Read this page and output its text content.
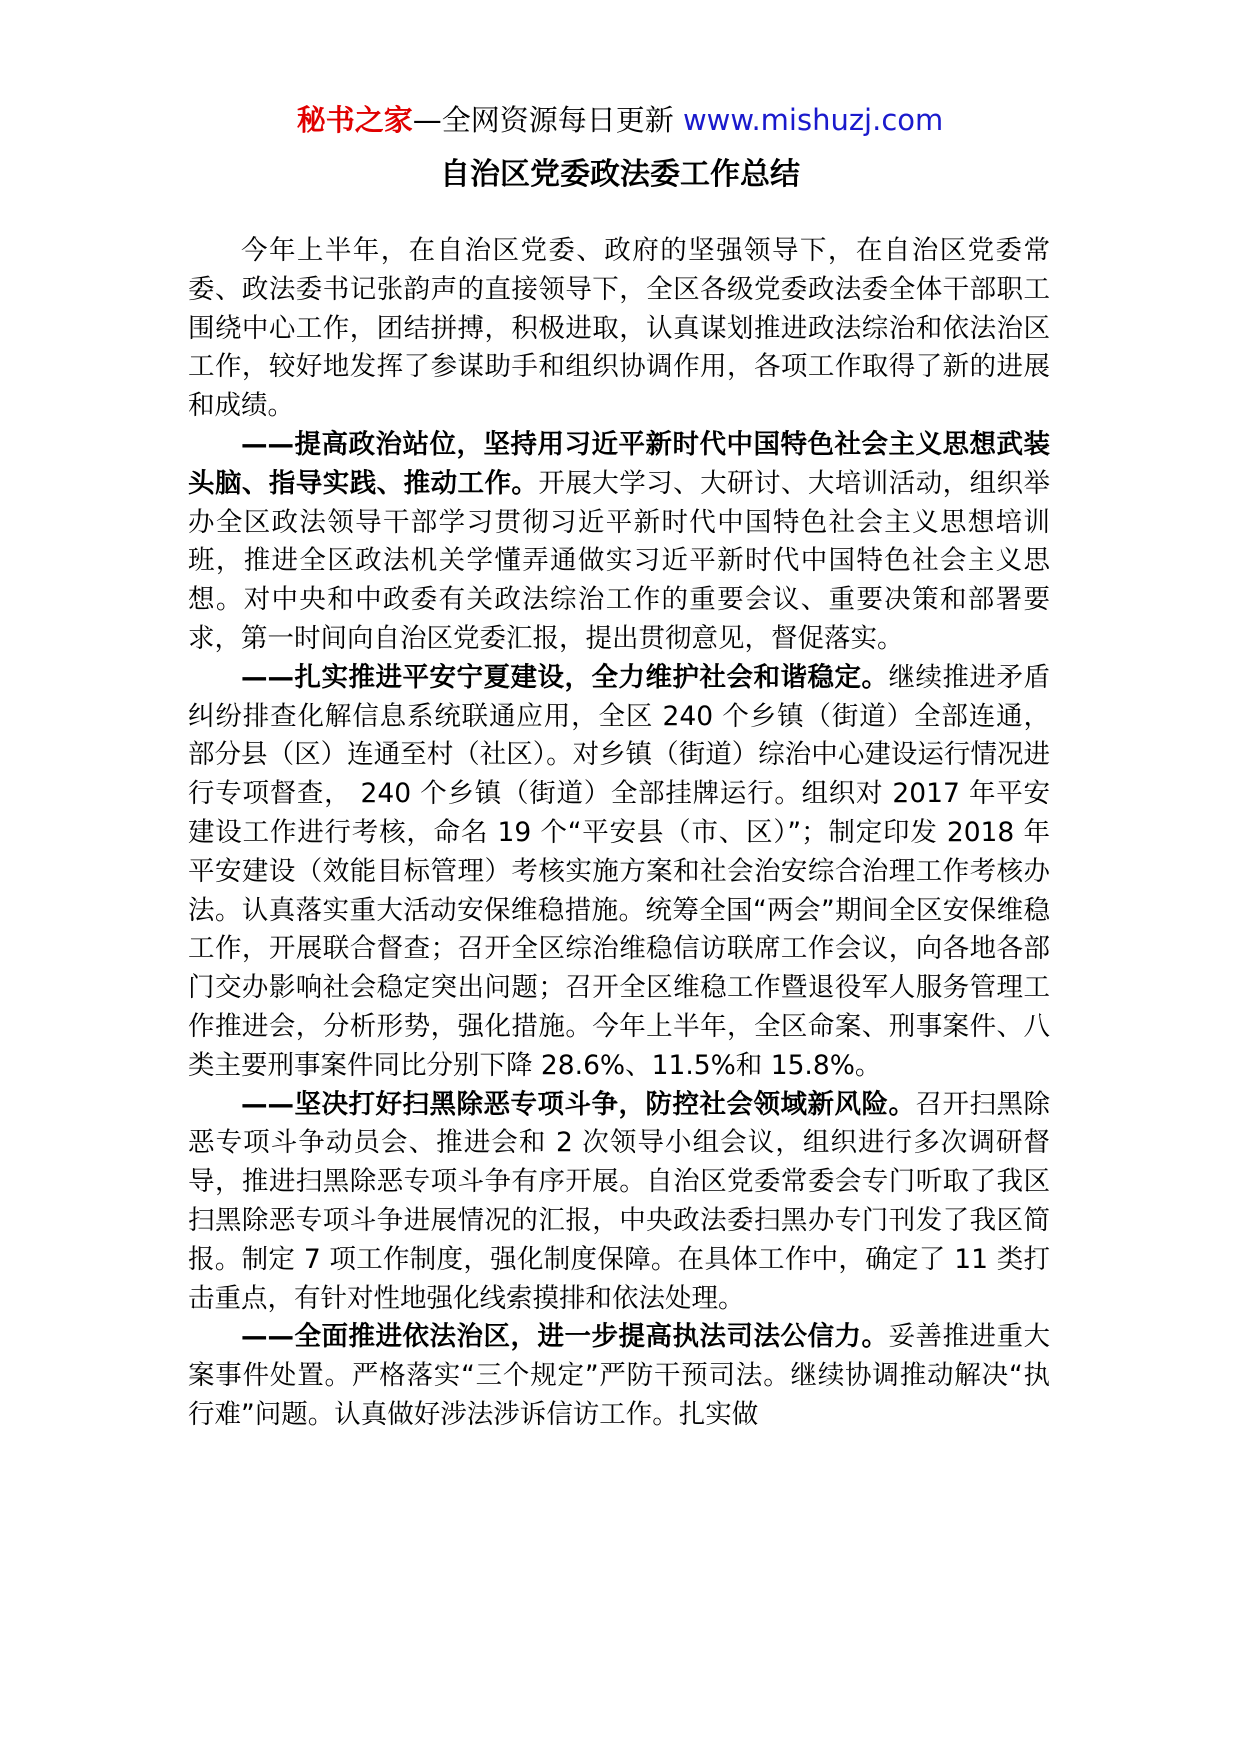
秘书之家—全网资源每日更新 www.mishuzj.com
自治区党委政法委工作总结

今年上半年，在自治区党委、政府的坚强领导下，在自治区党委常委、政法委书记张韵声的直接领导下，全区各级党委政法委全体干部职工围绕中心工作，团结拼搏，积极进取，认真谋划推进政法综治和依法治区工作，较好地发挥了参谋助手和组织协调作用，各项工作取得了新的进展和成绩。

——提高政治站位，坚持用习近平新时代中国特色社会主义思想武装头脑、指导实践、推动工作。开展大学习、大研讨、大培训活动，组织举办全区政法领导干部学习贯彻习近平新时代中国特色社会主义思想培训班，推进全区政法机关学懂弄通做实习近平新时代中国特色社会主义思想。对中央和中政委有关政法综治工作的重要会议、重要决策和部署要求，第一时间向自治区党委汇报，提出贯彻意见，督促落实。

——扎实推进平安宁夏建设，全力维护社会和谐稳定。继续推进矛盾纠纷排查化解信息系统联通应用，全区 240 个乡镇（街道）全部连通，部分县（区）连通至村（社区）。对乡镇（街道）综治中心建设运行情况进行专项督查， 240 个乡镇（街道）全部挂牌运行。组织对 2017 年平安建设工作进行考核，命名 19 个“平安县（市、区）”；制定印发 2018 年平安建设（效能目标管理）考核实施方案和社会治安综合治理工作考核办法。认真落实重大活动安保维稳措施。统筹全国“两会”期间全区安保维稳工作，开展联合督查；召开全区综治维稳信访联席工作会议，向各地各部门交办影响社会稳定突出问题；召开全区维稳工作暨退役军人服务管理工作推进会，分析形势，强化措施。今年上半年，全区命案、刑事案件、八类主要刑事案件同比分别下降 28.6%、11.5%和 15.8%。

——坚决打好扫黑除恶专项斗争，防控社会领域新风险。召开扫黑除恶专项斗争动员会、推进会和 2 次领导小组会议，组织进行多次调研督导，推进扫黑除恶专项斗争有序开展。自治区党委常委会专门听取了我区扫黑除恶专项斗争进展情况的汇报，中央政法委扫黑办专门刊发了我区简报。制定 7 项工作制度，强化制度保障。在具体工作中，确定了 11 类打击重点，有针对性地强化线索摸排和依法处理。

——全面推进依法治区，进一步提高执法司法公信力。妥善推进重大案事件处置。严格落实“三个规定”严防干预司法。继续协调推动解决“执行难”问题。认真做好涉法涉诉信访工作。扎实做
